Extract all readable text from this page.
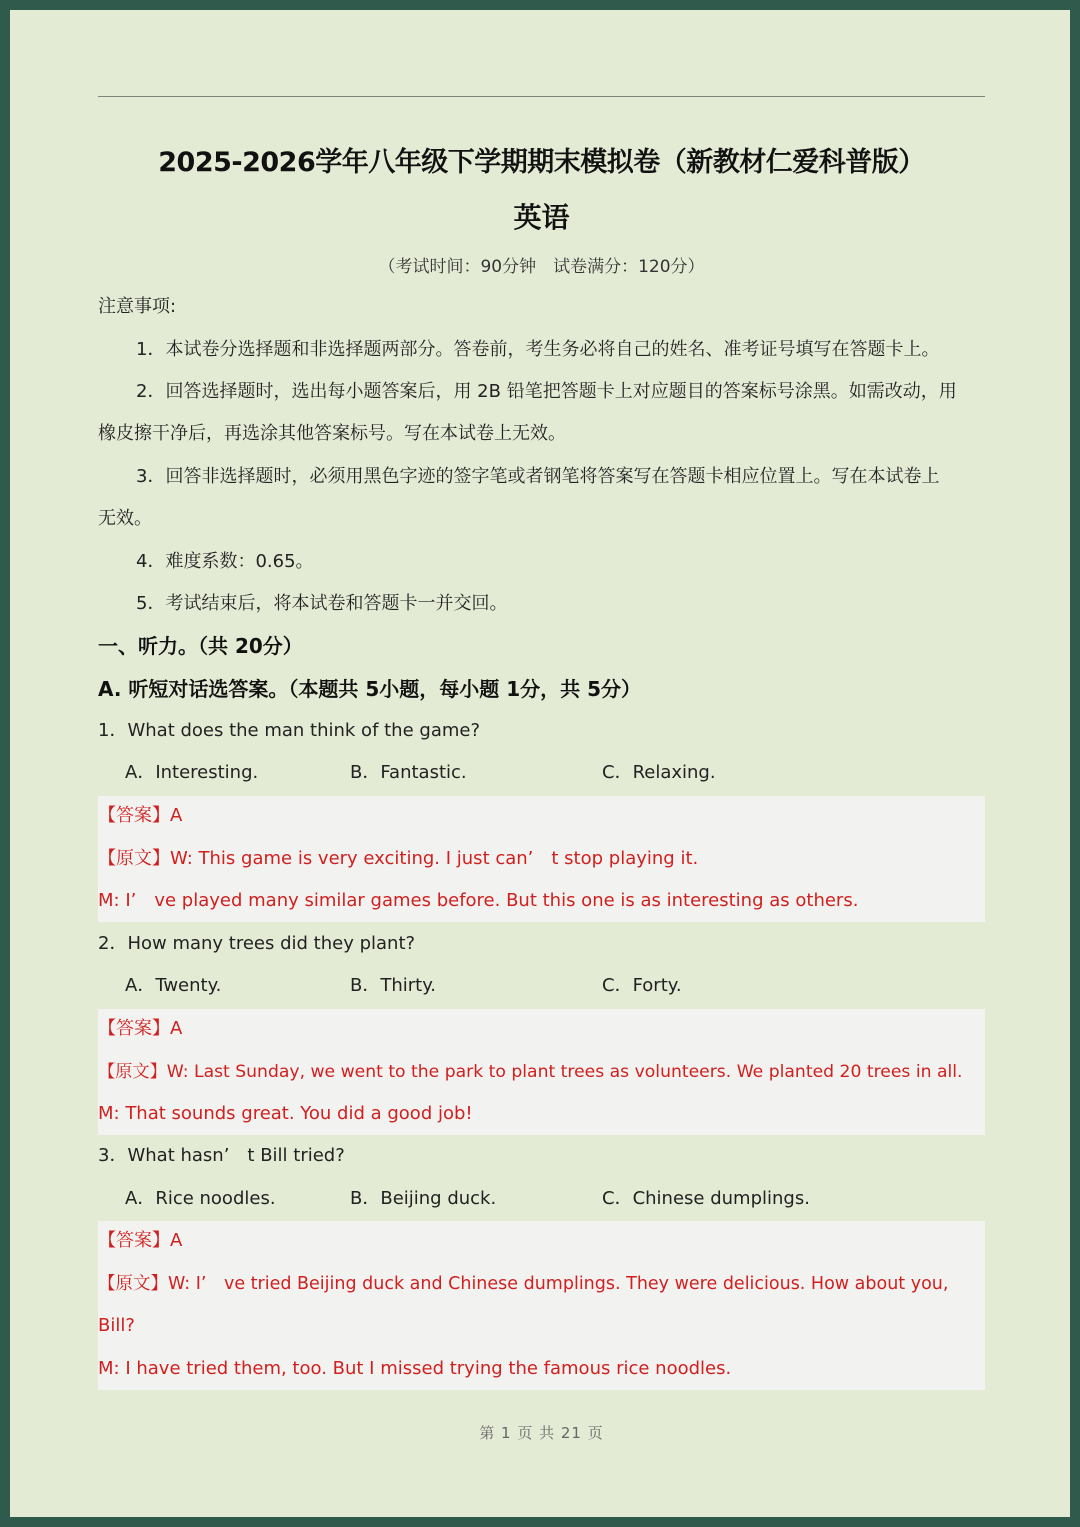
2025-2026学年八年级下学期期末模拟卷（新教材仁爱科普版）
英语
（考试时间：90分钟　试卷满分：120分）
注意事项:
1．本试卷分选择题和非选择题两部分。答卷前，考生务必将自己的姓名、准考证号填写在答题卡上。
2．回答选择题时，选出每小题答案后，用 2B 铅笔把答题卡上对应题目的答案标号涂黑。如需改动，用
橡皮擦干净后，再选涂其他答案标号。写在本试卷上无效。
3．回答非选择题时，必须用黑色字迹的签字笔或者钢笔将答案写在答题卡相应位置上。写在本试卷上
无效。
4．难度系数：0.65。
5．考试结束后，将本试卷和答题卡一并交回。
一、听力。（共 20分）
A. 听短对话选答案。（本题共 5小题，每小题 1分，共 5分）
1．What does the man think of the game?
A．Interesting.	B．Fantastic.	C．Relaxing.
【答案】A
【原文】W: This game is very exciting. I just can’　t stop playing it.
M: I’　ve played many similar games before. But this one is as interesting as others.
2．How many trees did they plant?
A．Twenty.	B．Thirty.	C．Forty.
【答案】A
【原文】W: Last Sunday, we went to the park to plant trees as volunteers. We planted 20 trees in all.
M: That sounds great. You did a good job!
3．What hasn’　t Bill tried?
A．Rice noodles.	B．Beijing duck.	C．Chinese dumplings.
【答案】A
【原文】W: I’　ve tried Beijing duck and Chinese dumplings. They were delicious. How about you,
Bill?
M: I have tried them, too. But I missed trying the famous rice noodles.
第 1 页 共 21 页
